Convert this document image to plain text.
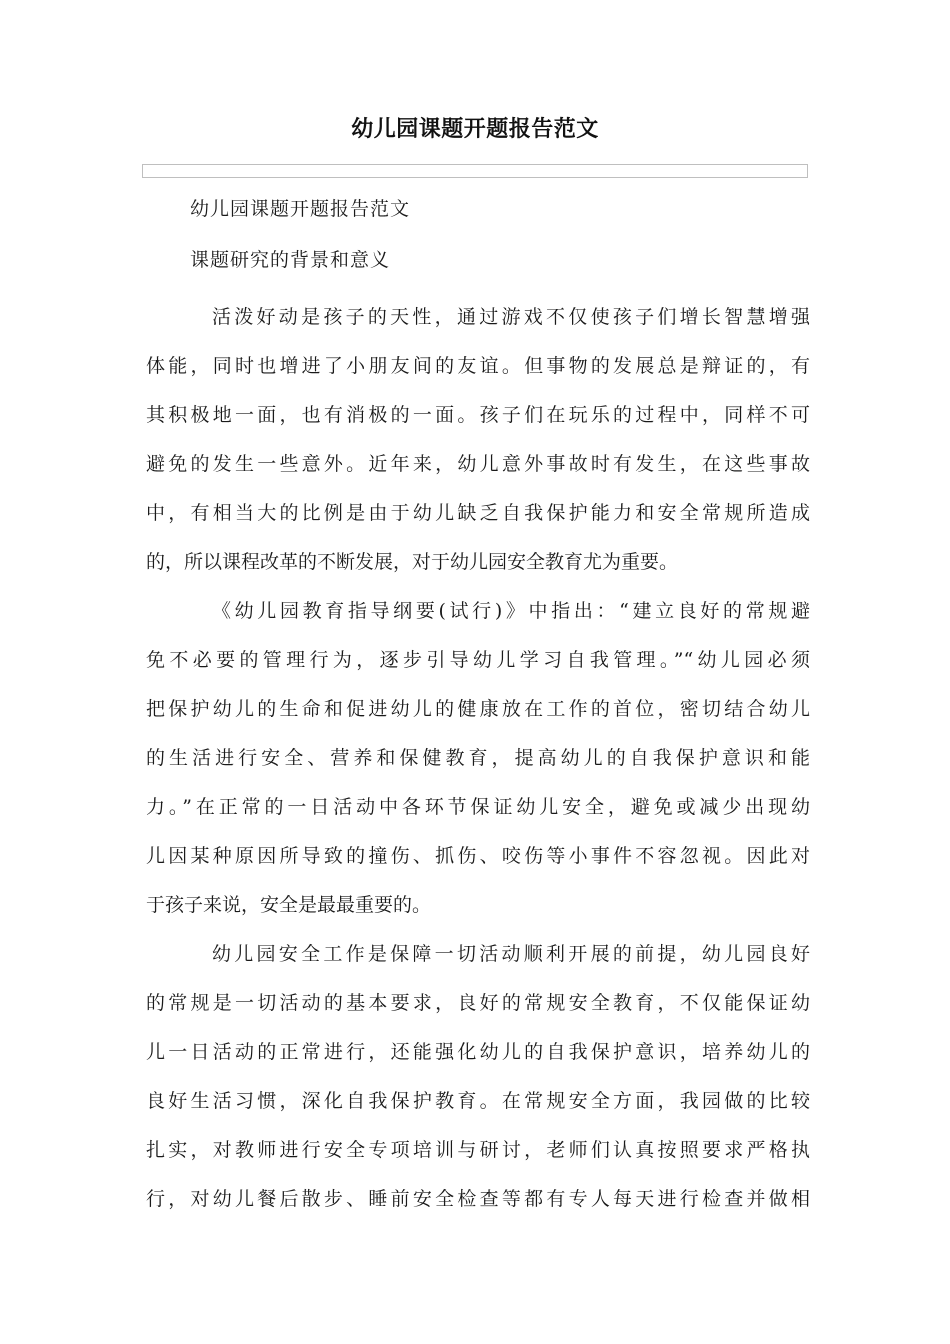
幼儿园课题开题报告范文
幼儿园课题开题报告范文
课题研究的背景和意义
活泼好动是孩子的天性，通过游戏不仅使孩子们增长智慧增强
体能，同时也增进了小朋友间的友谊。但事物的发展总是辩证的，有
其积极地一面，也有消极的一面。孩子们在玩乐的过程中，同样不可
避免的发生一些意外。近年来，幼儿意外事故时有发生，在这些事故
中，有相当大的比例是由于幼儿缺乏自我保护能力和安全常规所造成
的，所以课程改革的不断发展，对于幼儿园安全教育尤为重要。
《幼儿园教育指导纲要(试行)》中指出：“建立良好的常规避
免不必要的管理行为，逐步引导幼儿学习自我管理。”“幼儿园必须
把保护幼儿的生命和促进幼儿的健康放在工作的首位，密切结合幼儿
的生活进行安全、营养和保健教育，提高幼儿的自我保护意识和能
力。”在正常的一日活动中各环节保证幼儿安全，避免或减少出现幼
儿因某种原因所导致的撞伤、抓伤、咬伤等小事件不容忽视。因此对
于孩子来说，安全是最最重要的。
幼儿园安全工作是保障一切活动顺利开展的前提，幼儿园良好
的常规是一切活动的基本要求，良好的常规安全教育，不仅能保证幼
儿一日活动的正常进行，还能强化幼儿的自我保护意识，培养幼儿的
良好生活习惯，深化自我保护教育。在常规安全方面，我园做的比较
扎实，对教师进行安全专项培训与研讨，老师们认真按照要求严格执
行，对幼儿餐后散步、睡前安全检查等都有专人每天进行检查并做相
